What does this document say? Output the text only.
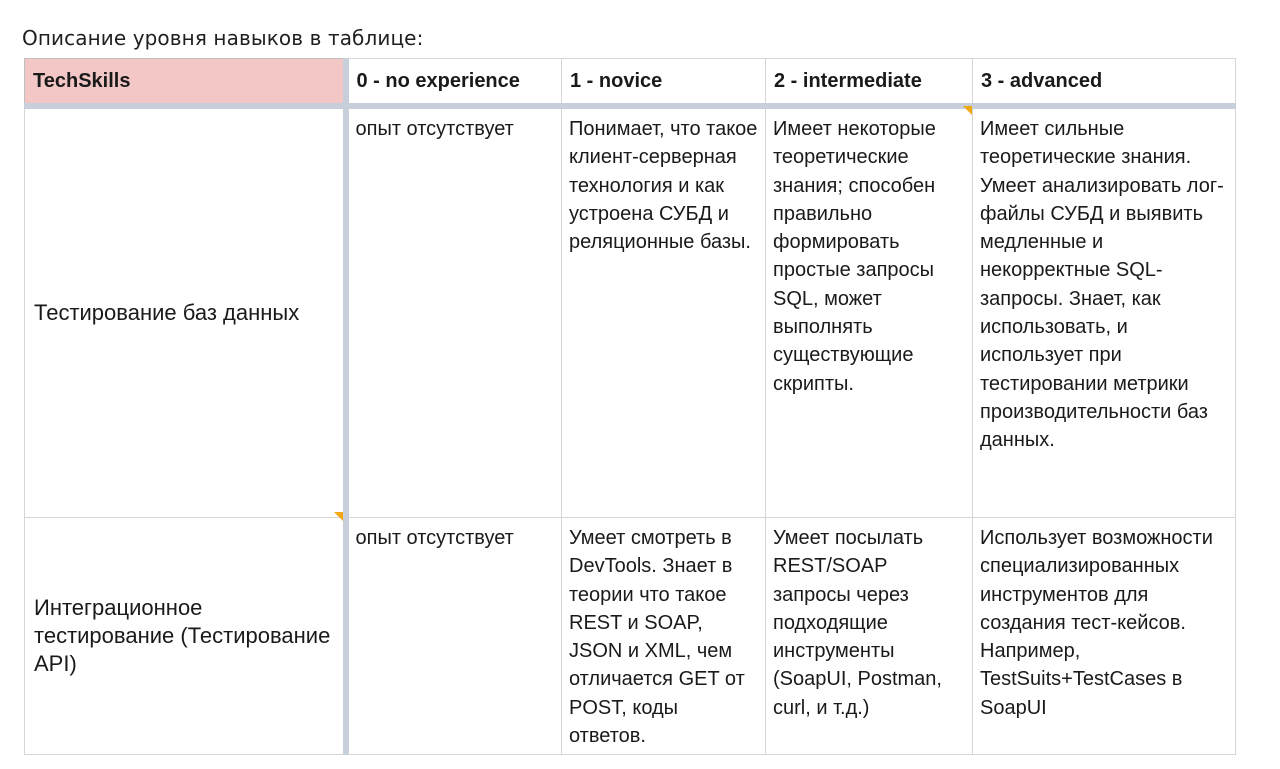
Описание уровня навыков в таблице:
TechSkills	0 - no experience	1 - novice	2 - intermediate	3 - advanced
Тестирование баз данных	опыт отсутствует	Понимает, что такое клиент-серверная технология и как устроена СУБД и реляционные базы.	Имеет некоторые теоретические знания; способен правильно формировать простые запросы SQL, может выполнять существующие скрипты.	Имеет сильные теоретические знания. Умеет анализировать лог-файлы СУБД и выявить медленные и некорректные SQL-запросы. Знает, как использовать, и использует при тестировании метрики производительности баз данных.
Интеграционное тестирование (Тестирование API)	опыт отсутствует	Умеет смотреть в DevTools. Знает в теории что такое REST и SOAP, JSON и XML, чем отличается GET от POST, коды ответов.	Умеет посылать REST/SOAP запросы через подходящие инструменты (SoapUI, Postman, curl, и т.д.)	Использует возможности специализированных инструментов для создания тест-кейсов. Например, TestSuits+TestCases в SoapUI
